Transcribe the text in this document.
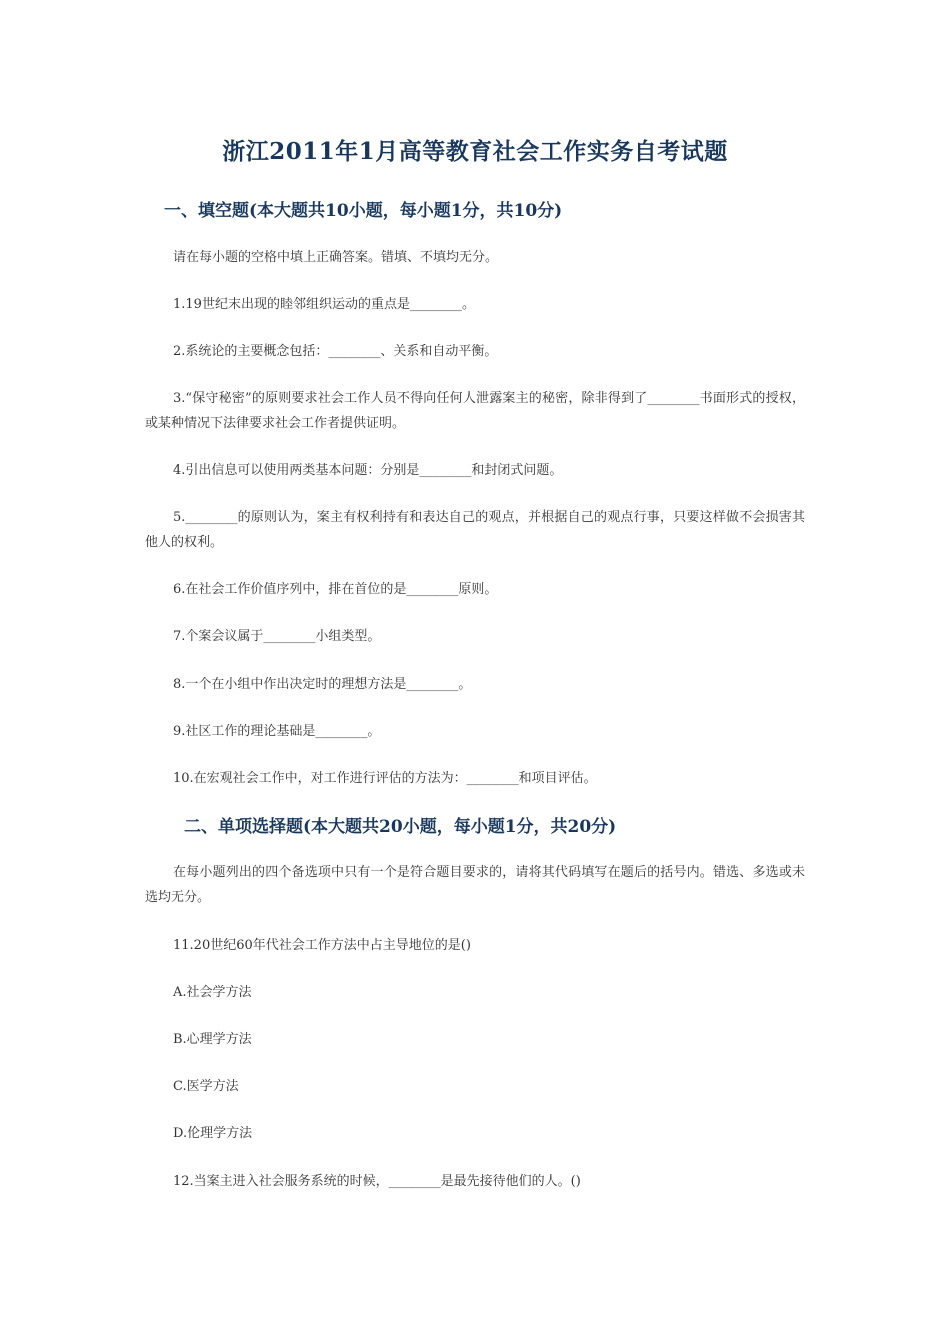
浙江2011年1月高等教育社会工作实务自考试题
一、填空题(本大题共10小题，每小题1分，共10分)

请在每小题的空格中填上正确答案。错填、不填均无分。

1.19世纪末出现的睦邻组织运动的重点是________。

2.系统论的主要概念包括：________、关系和自动平衡。

3.“保守秘密”的原则要求社会工作人员不得向任何人泄露案主的秘密，除非得到了________书面形式的授权，或某种情况下法律要求社会工作者提供证明。

4.引出信息可以使用两类基本问题：分别是________和封闭式问题。

5.________的原则认为，案主有权利持有和表达自己的观点，并根据自己的观点行事，只要这样做不会损害其他人的权利。

6.在社会工作价值序列中，排在首位的是________原则。

7.个案会议属于________小组类型。

8.一个在小组中作出决定时的理想方法是________。

9.社区工作的理论基础是________。

10.在宏观社会工作中，对工作进行评估的方法为：________和项目评估。

二、单项选择题(本大题共20小题，每小题1分，共20分)

在每小题列出的四个备选项中只有一个是符合题目要求的，请将其代码填写在题后的括号内。错选、多选或未选均无分。

11.20世纪60年代社会工作方法中占主导地位的是()

A.社会学方法

B.心理学方法

C.医学方法

D.伦理学方法

12.当案主进入社会服务系统的时候，________是最先接待他们的人。()
